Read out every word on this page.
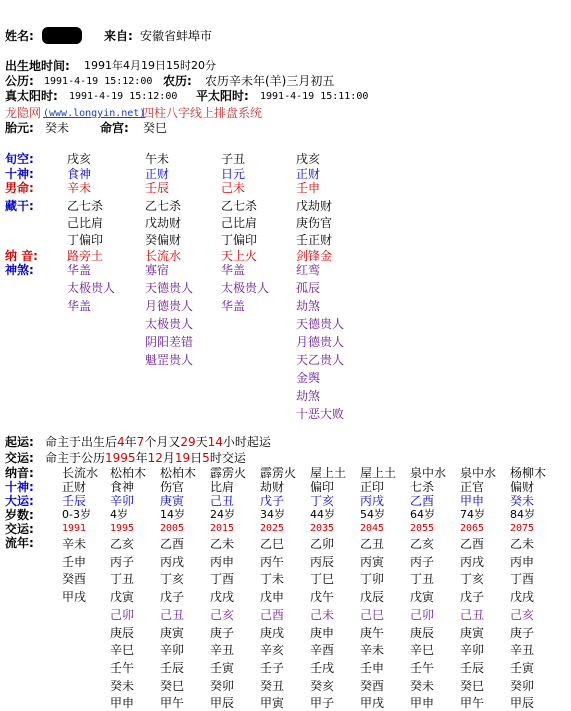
姓名:	来自: 安徽省蚌埠市
出生地时间: 1991年4月19日15时20分
公历: 1991-4-19 15:12:00 农历: 农历辛未年(羊)三月初五
真太阳时: 1991-4-19 15:12:00 平太阳时: 1991-4-19 15:11:00
龙隐网 (www.longyin.net)
四柱八字线上排盘系统
胎元: 癸未	命宫: 癸巳
旬空:
十神:
男命:
藏干:
纳 音:
神煞:
戌亥
食神
辛未
乙七杀
己比肩
丁偏印
路旁土
华盖
太极贵人
华盖
午未
正财
壬辰
乙七杀
戊劫财
癸偏财
长流水
寡宿
天德贵人
月德贵人
太极贵人
阴阳差错
魁罡贵人
子丑
日元
己未
乙七杀
己比肩
丁偏印
天上火
华盖
太极贵人
华盖
戌亥
正财
壬申
戊劫财
庚伤官
壬正财
剑锋金
红鸾
孤辰
劫煞
天德贵人
月德贵人
天乙贵人
金舆
劫煞
十恶大败
起运: 命主于出生后4年7个月又29天14小时起运
交运: 命主于公历1995年12月19日5时交运
纳音:
十神:
大运:
岁数:
交运:
流年:
长流水
正财
壬辰
0-3岁
1991
辛未
壬申
癸酉
甲戌
松柏木
食神
辛卯
4岁
1995
乙亥
丙子
丁丑
戊寅
己卯
庚辰
辛巳
壬午
癸未
甲申
松柏木
伤官
庚寅
14岁
2005
乙酉
丙戌
丁亥
戊子
己丑
庚寅
辛卯
壬辰
癸巳
甲午
霹雳火
比肩
己丑
24岁
2015
乙未
丙申
丁酉
戊戌
己亥
庚子
辛丑
壬寅
癸卯
甲辰
霹雳火
劫财
戊子
34岁
2025
乙巳
丙午
丁未
戊申
己酉
庚戌
辛亥
壬子
癸丑
甲寅
屋上土
偏印
丁亥
44岁
2035
乙卯
丙辰
丁巳
戊午
己未
庚申
辛酉
壬戌
癸亥
甲子
屋上土
正印
丙戌
54岁
2045
乙丑
丙寅
丁卯
戊辰
己巳
庚午
辛未
壬申
癸酉
甲戌
泉中水
七杀
乙酉
64岁
2055
乙亥
丙子
丁丑
戊寅
己卯
庚辰
辛巳
壬午
癸未
甲申
泉中水
正官
甲申
74岁
2065
乙酉
丙戌
丁亥
戊子
己丑
庚寅
辛卯
壬辰
癸巳
甲午
杨柳木
偏财
癸未
84岁
2075
乙未
丙申
丁酉
戊戌
己亥
庚子
辛丑
壬寅
癸卯
甲辰
